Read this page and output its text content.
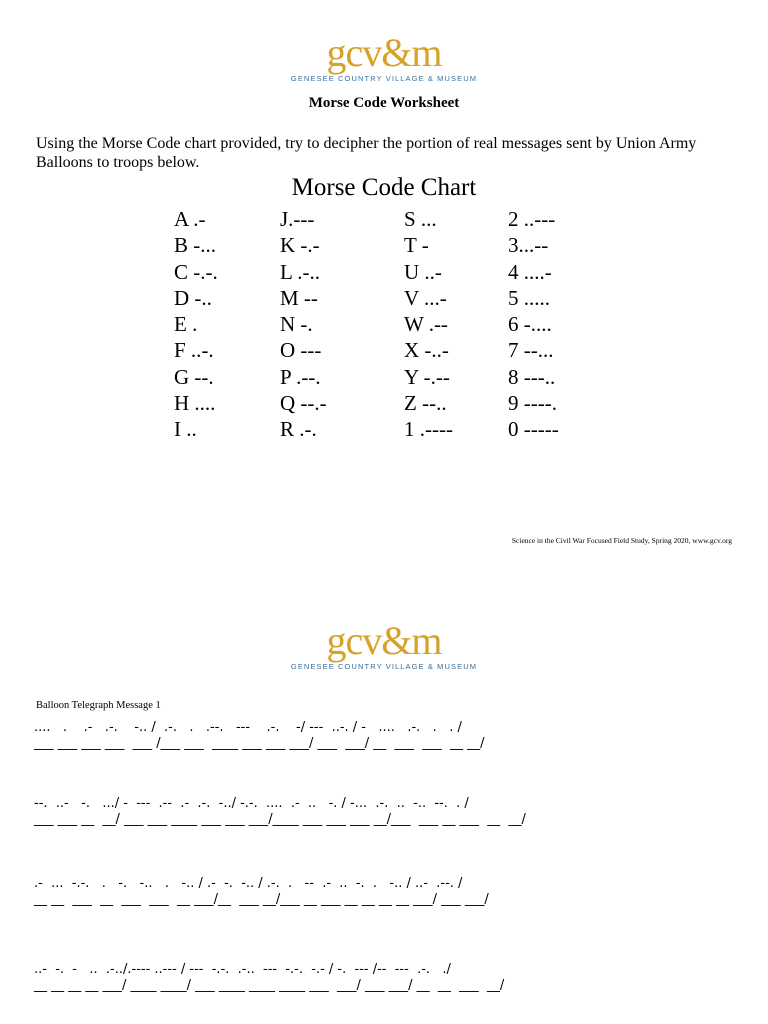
gcv&m
GENESEE COUNTRY VILLAGE & MUSEUM
Morse Code Worksheet
Using the Morse Code chart provided, try to decipher the portion of real messages sent by Union Army Balloons to troops below.
Morse Code Chart
A .-	J.---	S ...	2 ..---
B -...	K -.-	T -	3...--
C -.-.	L .-..	U ..-	4 ....-
D -..	M --	V ...-	5 .....
E .	N -.	W .--	6 -....
F ..-.	O ---	X -..-	7 --...
G --.	P .--.	Y -.--	8 ---..
H ....	Q --.-	Z --..	9 ----.
I ..	R .-.	1 .----	0 -----
Science in the Civil War Focused Field Study, Spring 2020, www.gcv.org
gcv&m
GENESEE COUNTRY VILLAGE & MUSEUM
Balloon Telegraph Message 1
....   .    .-   .-.    -.. /  .-.   .   .--.   ---    .-.    -/ ---  ..-. / -   ....   .-.   .   . /
___ ___ ___ ___  ___ /___ ___  ____ ___ ___ ___/ ___  ___/ __  ___  ___  __ __/
--.  ..-   -.   .../ -  ---  .--  .-  .-.  -../ -.-.  ....  .-  ..   -. / -...  .-.  ..  -..  --.  . /
___ ___ __  __/ ___ ___ ____ ___ ___ ___/____ ___ ___ ___ __/___  ___ __ ___  __  __/
.-  ...  -.-.   .   -.   -..   .   -.. / .-  -.  -.. / .-.  .   --  .-  ..  -.  .   -.. / ..-  .--. /
__ __  ___  __  ___  ___  __ ___/__  ___ __/___ __ ___ __ __ __ __ ___/ ___ ___/
..-  -.  -   ..  .-../.---- ..--- / ---  -.-.  .-..  ---  -.-.  -.- / -.  --- /--  ---  .-.   ./
__ __ __ __ ___/ ____ ____/ ___ ____ ____ ____ ___  ___/ ___ ___/ __  __  ___  __/
